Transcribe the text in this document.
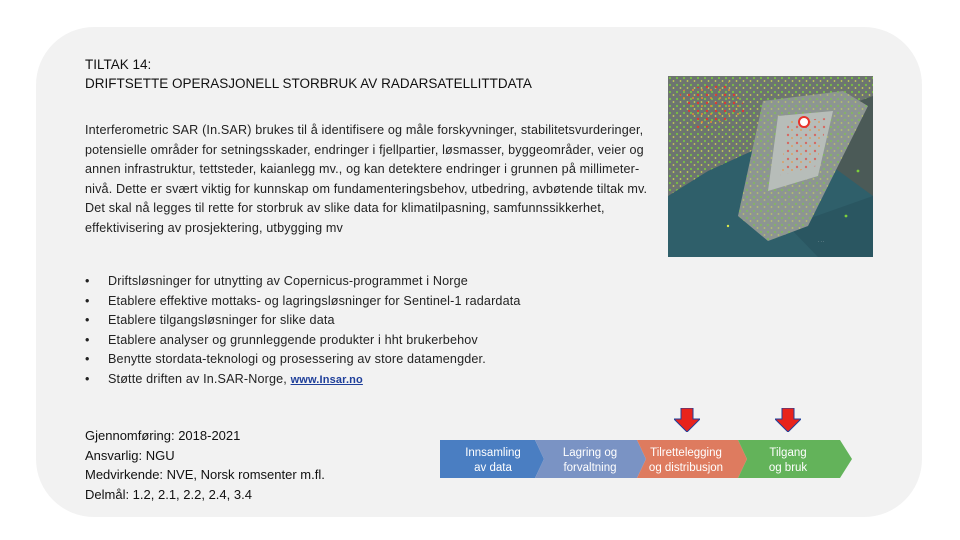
TILTAK 14:
DRIFTSETTE OPERASJONELL STORBRUK AV RADARSATELLITTDATA
Interferometric SAR (In.SAR) brukes til å identifisere og måle forskyvninger, stabilitetsvurderinger, potensielle områder for setningsskader, endringer i fjellpartier, løsmasser, byggeområder, veier og annen infrastruktur, tettsteder, kaianlegg mv., og kan detektere endringer i grunnen på millimeter-nivå. Dette er svært viktig for kunnskap om fundamenteringsbehov, utbedring, avbøtende tiltak mv. Det skal nå legges til rette for storbruk av slike data for klimatilpasning, samfunnssikkerhet, effektivisering av prosjektering, utbygging mv
• Driftsløsninger for utnytting av Copernicus-programmet i Norge
• Etablere effektive mottaks- og lagringsløsninger for Sentinel-1 radardata
• Etablere tilgangsløsninger for slike data
• Etablere analyser og grunnleggende produkter i hht brukerbehov
• Benytte stordata-teknologi og prosessering av store datamengder.
• Støtte driften av In.SAR-Norge, www.Insar.no
Gjennomføring: 2018-2021
Ansvarlig: NGU
Medvirkende: NVE, Norsk romsenter m.fl.
Delmål: 1.2, 2.1, 2.2, 2.4, 3.4
· · ·
Innsamling
av data
Lagring og
forvaltning
Tilrettelegging
og distribusjon
Tilgang
og bruk
